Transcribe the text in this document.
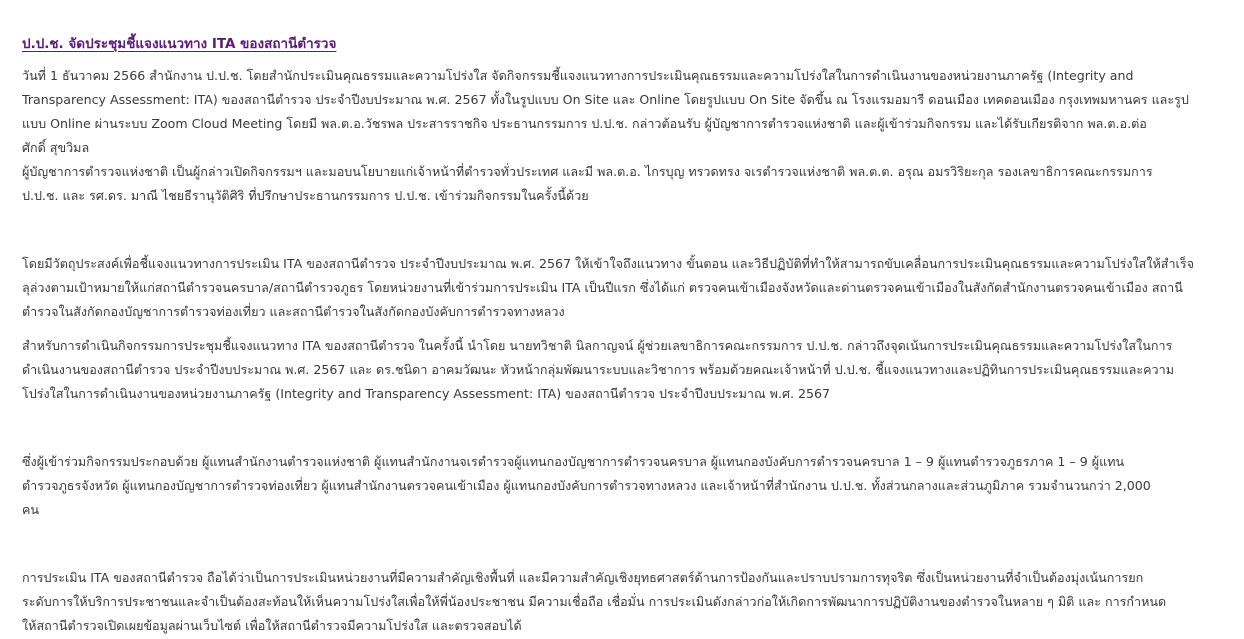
ป.ป.ช. จัดประชุมชี้แจงแนวทาง ITA ของสถานีตำรวจ

วันที่ 1 ธันวาคม 2566 สำนักงาน ป.ป.ช. โดยสำนักประเมินคุณธรรมและความโปร่งใส จัดกิจกรรมชี้แจงแนวทางการประเมินคุณธรรมและความโปร่งใสในการดำเนินงานของหน่วยงานภาครัฐ (Integrity and
Transparency Assessment: ITA) ของสถานีตำรวจ ประจำปีงบประมาณ พ.ศ. 2567 ทั้งในรูปแบบ On Site และ Online โดยรูปแบบ On Site จัดขึ้น ณ โรงแรมอมารี ดอนเมือง เทคดอนเมือง กรุงเทพมหานคร และรูป
แบบ Online ผ่านระบบ Zoom Cloud Meeting โดยมี พล.ต.อ.วัชรพล ประสารราชกิจ ประธานกรรมการ ป.ป.ช. กล่าวต้อนรับ ผู้บัญชาการตำรวจแห่งชาติ และผู้เข้าร่วมกิจกรรม และได้รับเกียรติจาก พล.ต.อ.ต่อ
ศักดิ์ สุขวิมล

ผู้บัญชาการตำรวจแห่งชาติ เป็นผู้กล่าวเปิดกิจกรรมฯ และมอบนโยบายแก่เจ้าหน้าที่ตำรวจทั่วประเทศ และมี พล.ต.อ. ไกรบุญ ทรวดทรง จเรตำรวจแห่งชาติ พล.ต.ต. อรุณ อมรวิริยะกุล รองเลขาธิการคณะกรรมการ
ป.ป.ช. และ รศ.ดร. มาณี ไชยธีรานุวัติศิริ ที่ปรึกษาประธานกรรมการ ป.ป.ช. เข้าร่วมกิจกรรมในครั้งนี้ด้วย

โดยมีวัตถุประสงค์เพื่อชี้แจงแนวทางการประเมิน ITA ของสถานีตำรวจ ประจำปีงบประมาณ พ.ศ. 2567 ให้เข้าใจถึงแนวทาง ขั้นตอน และวิธีปฏิบัติที่ทำให้สามารถขับเคลื่อนการประเมินคุณธรรมและความโปร่งใสให้สำเร็จ
ลุล่วงตามเป้าหมายให้แก่สถานีตำรวจนครบาล/สถานีตำรวจภูธร โดยหน่วยงานที่เข้าร่วมการประเมิน ITA เป็นปีแรก ซึ่งได้แก่ ตรวจคนเข้าเมืองจังหวัดและด่านตรวจคนเข้าเมืองในสังกัดสำนักงานตรวจคนเข้าเมือง สถานี
ตำรวจในสังกัดกองบัญชาการตำรวจท่องเที่ยว และสถานีตำรวจในสังกัดกองบังคับการตำรวจทางหลวง

สำหรับการดำเนินกิจกรรมการประชุมชี้แจงแนวทาง ITA ของสถานีตำรวจ ในครั้งนี้ นำโดย นายทวิชาติ นิลกาญจน์ ผู้ช่วยเลขาธิการคณะกรรมการ ป.ป.ช. กล่าวถึงจุดเน้นการประเมินคุณธรรมและความโปร่งใสในการ
ดำเนินงานของสถานีตำรวจ ประจำปีงบประมาณ พ.ศ. 2567 และ ดร.ชนิดา อาคมวัฒนะ หัวหน้ากลุ่มพัฒนาระบบและวิชาการ พร้อมด้วยคณะเจ้าหน้าที่ ป.ป.ช. ชี้แจงแนวทางและปฏิทินการประเมินคุณธรรมและความ
โปร่งใสในการดำเนินงานของหน่วยงานภาครัฐ (Integrity and Transparency Assessment: ITA) ของสถานีตำรวจ ประจำปีงบประมาณ พ.ศ. 2567

ซึ่งผู้เข้าร่วมกิจกรรมประกอบด้วย ผู้แทนสำนักงานตำรวจแห่งชาติ ผู้แทนสำนักงานจเรตำรวจผู้แทนกองบัญชาการตำรวจนครบาล ผู้แทนกองบังคับการตำรวจนครบาล 1 – 9 ผู้แทนตำรวจภูธรภาค 1 – 9 ผู้แทน
ตำรวจภูธรจังหวัด ผู้แทนกองบัญชาการตำรวจท่องเที่ยว ผู้แทนสำนักงานตรวจคนเข้าเมือง ผู้แทนกองบังคับการตำรวจทางหลวง และเจ้าหน้าที่สำนักงาน ป.ป.ช. ทั้งส่วนกลางและส่วนภูมิภาค รวมจำนวนกว่า 2,000
คน

การประเมิน ITA ของสถานีตำรวจ ถือได้ว่าเป็นการประเมินหน่วยงานที่มีความสำคัญเชิงพื้นที่ และมีความสำคัญเชิงยุทธศาสตร์ด้านการป้องกันและปราบปรามการทุจริต ซึ่งเป็นหน่วยงานที่จำเป็นต้องมุ่งเน้นการยก
ระดับการให้บริการประชาชนและจำเป็นต้องสะท้อนให้เห็นความโปร่งใสเพื่อให้พี่น้องประชาชน มีความเชื่อถือ เชื่อมั่น การประเมินดังกล่าวก่อให้เกิดการพัฒนาการปฏิบัติงานของตำรวจในหลาย ๆ มิติ และ การกำหนด
ให้สถานีตำรวจเปิดเผยข้อมูลผ่านเว็บไซต์ เพื่อให้สถานีตำรวจมีความโปร่งใส และตรวจสอบได้
